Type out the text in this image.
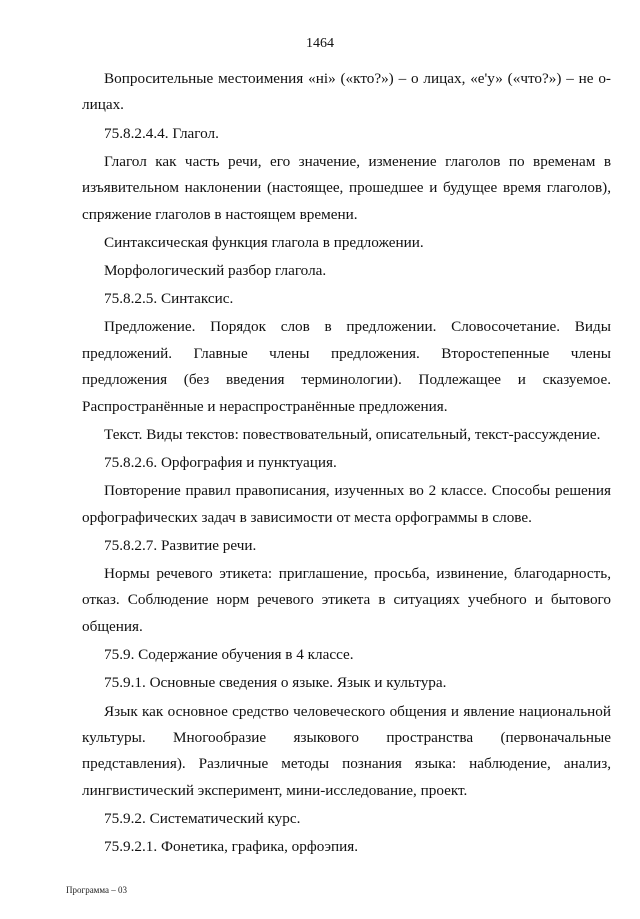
1464

Вопросительные местоимения «ні» («кто?») – о лицах, «е'у» («что?») – не о-лицах.

75.8.2.4.4. Глагол.

Глагол как часть речи, его значение, изменение глаголов по временам в изъявительном наклонении (настоящее, прошедшее и будущее время глаголов), спряжение глаголов в настоящем времени.

Синтаксическая функция глагола в предложении.

Морфологический разбор глагола.

75.8.2.5. Синтаксис.

Предложение. Порядок слов в предложении. Словосочетание. Виды предложений. Главные члены предложения. Второстепенные члены предложения (без введения терминологии). Подлежащее и сказуемое. Распространённые и нераспространённые предложения.

Текст. Виды текстов: повествовательный, описательный, текст-рассуждение.

75.8.2.6. Орфография и пунктуация.

Повторение правил правописания, изученных во 2 классе. Способы решения орфографических задач в зависимости от места орфограммы в слове.

75.8.2.7. Развитие речи.

Нормы речевого этикета: приглашение, просьба, извинение, благодарность, отказ. Соблюдение норм речевого этикета в ситуациях учебного и бытового общения.

75.9. Содержание обучения в 4 классе.

75.9.1. Основные сведения о языке. Язык и культура.

Язык как основное средство человеческого общения и явление национальной культуры. Многообразие языкового пространства (первоначальные представления). Различные методы познания языка: наблюдение, анализ, лингвистический эксперимент, мини-исследование, проект.

75.9.2. Систематический курс.

75.9.2.1. Фонетика, графика, орфоэпия.

Программа – 03
